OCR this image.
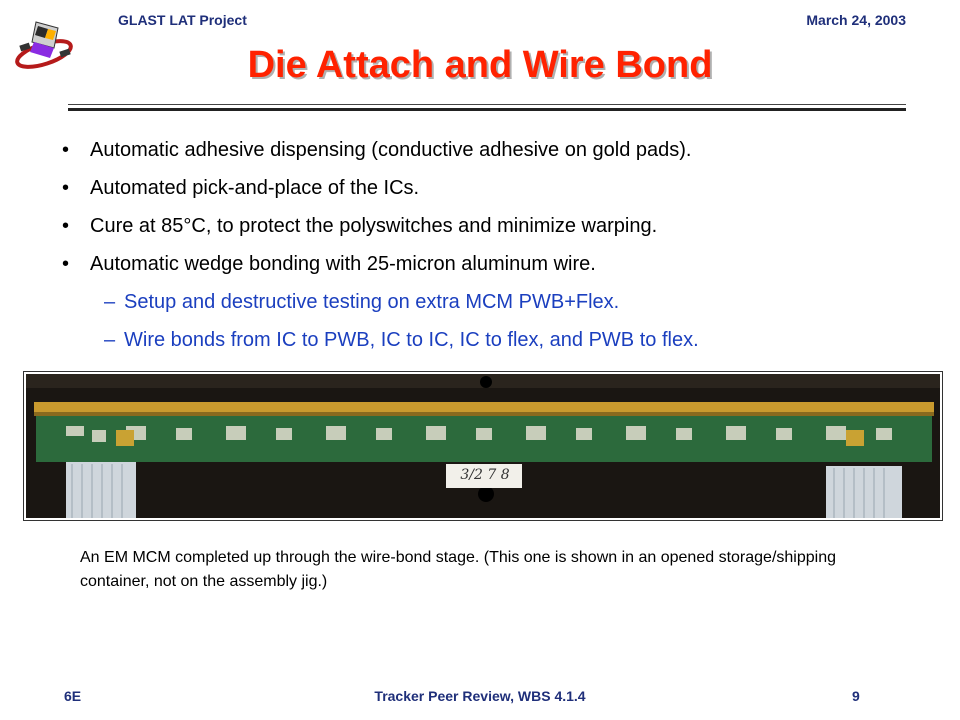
GLAST LAT Project	March 24, 2003
Die Attach and Wire Bond
•	Automatic adhesive dispensing (conductive adhesive on gold pads).
•	Automated pick-and-place of the ICs.
•	Cure at 85°C, to protect the polyswitches and minimize warping.
•	Automatic wedge bonding with 25-micron aluminum wire.
– Setup and destructive testing on extra MCM PWB+Flex.
– Wire bonds from IC to PWB, IC to IC, IC to flex, and PWB to flex.
3/2 7 8
An EM MCM completed up through the wire-bond stage. (This one is shown in an opened storage/shipping container, not on the assembly jig.)
6E	Tracker Peer Review, WBS 4.1.4	9
